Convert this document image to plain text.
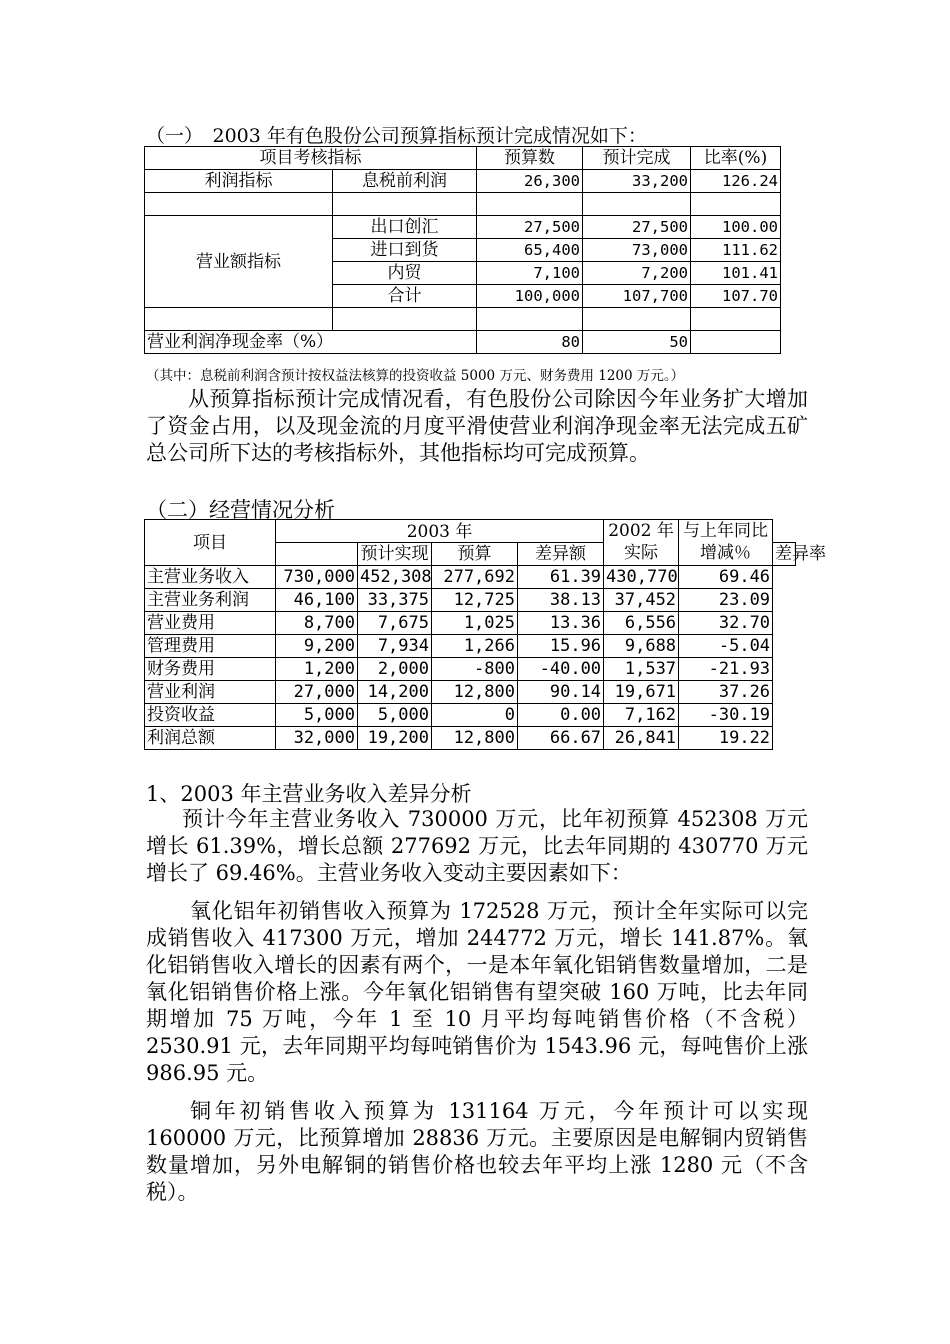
（一）　2003 年有色股份公司预算指标预计完成情况如下：
项目考核指标		预算数	预计完成	比率(%)
利润指标	息税前利润	26,300	33,200	126.24

营业额指标	出口创汇	27,500	27,500	100.00
	进口到货	65,400	73,000	111.62
	内贸	7,100	7,200	101.41
	合计	100,000	107,700	107.70

营业利润净现金率（%）		80	50	
（其中：息税前利润含预计按权益法核算的投资收益 5000 万元、财务费用 1200 万元。）
从预算指标预计完成情况看，有色股份公司除因今年业务扩大增加了资金占用，以及现金流的月度平滑使营业利润净现金率无法完成五矿总公司所下达的考核指标外，其他指标均可完成预算。
（二）经营情况分析
项目	2003 年				2002 年实际	与上年同比增减％	
		预计实现	预算	差异额			差异率
主营业务收入	730,000	452,308	277,692	61.39	430,770	69.46	
主营业务利润	46,100	33,375	12,725	38.13	37,452	23.09	
营业费用	8,700	7,675	1,025	13.36	6,556	32.70	
管理费用	9,200	7,934	1,266	15.96	9,688	-5.04	
财务费用	1,200	2,000	-800	-40.00	1,537	-21.93	
营业利润	27,000	14,200	12,800	90.14	19,671	37.26	
投资收益	5,000	5,000	0	0.00	7,162	-30.19	
利润总额	32,000	19,200	12,800	66.67	26,841	19.22	
1、2003 年主营业务收入差异分析
预计今年主营业务收入 730000 万元，比年初预算 452308 万元增长 61.39%，增长总额 277692 万元，比去年同期的 430770 万元增长了 69.46%。主营业务收入变动主要因素如下：
氧化铝年初销售收入预算为 172528 万元，预计全年实际可以完成销售收入 417300 万元，增加 244772 万元，增长 141.87%。氧化铝销售收入增长的因素有两个，一是本年氧化铝销售数量增加，二是氧化铝销售价格上涨。今年氧化铝销售有望突破 160 万吨，比去年同期增加 75 万吨，今年 1 至 10 月平均每吨销售价格（不含税）2530.91 元，去年同期平均每吨销售价为 1543.96 元，每吨售价上涨 986.95 元。
铜年初销售收入预算为 131164 万元，今年预计可以实现 160000 万元，比预算增加 28836 万元。主要原因是电解铜内贸销售数量增加，另外电解铜的销售价格也较去年平均上涨 1280 元（不含税）。
